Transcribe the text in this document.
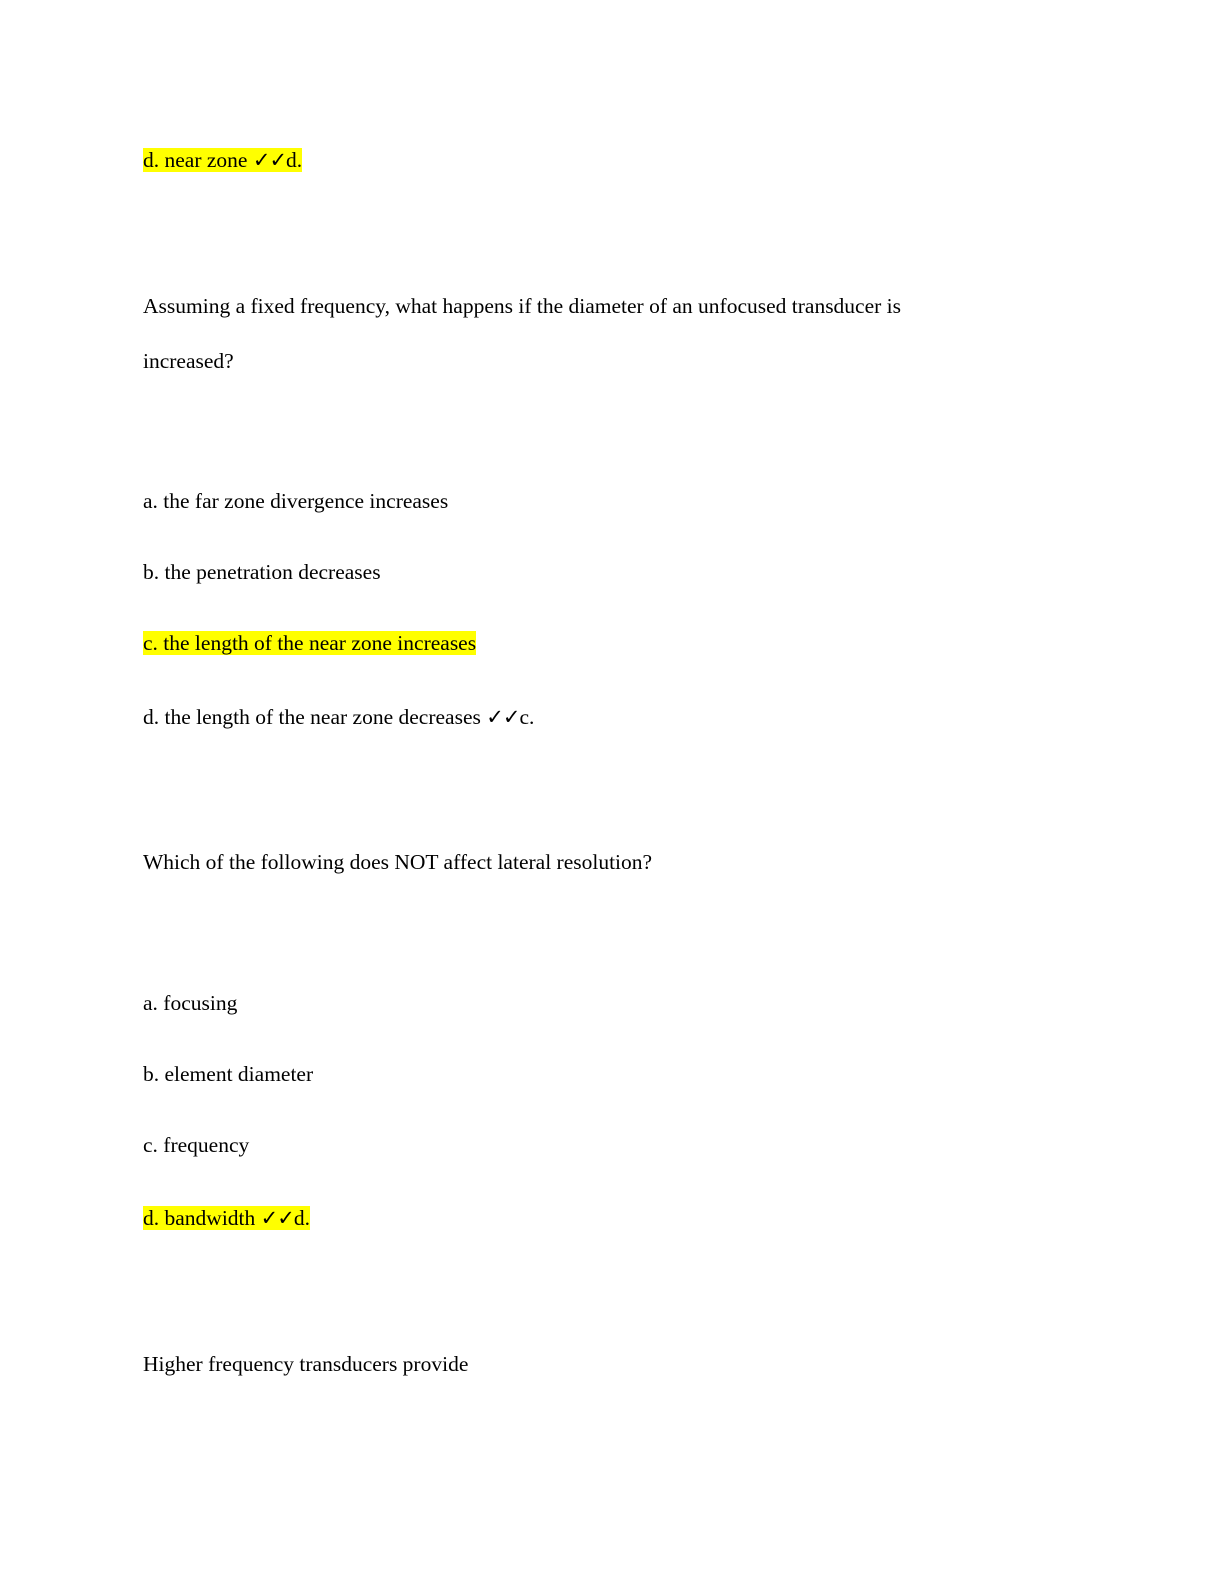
d. near zone ✓✓d.
Assuming a fixed frequency, what happens if the diameter of an unfocused transducer is
increased?
a. the far zone divergence increases
b. the penetration decreases
c. the length of the near zone increases
d. the length of the near zone decreases ✓✓c.
Which of the following does NOT affect lateral resolution?
a. focusing
b. element diameter
c. frequency
d. bandwidth ✓✓d.
Higher frequency transducers provide
